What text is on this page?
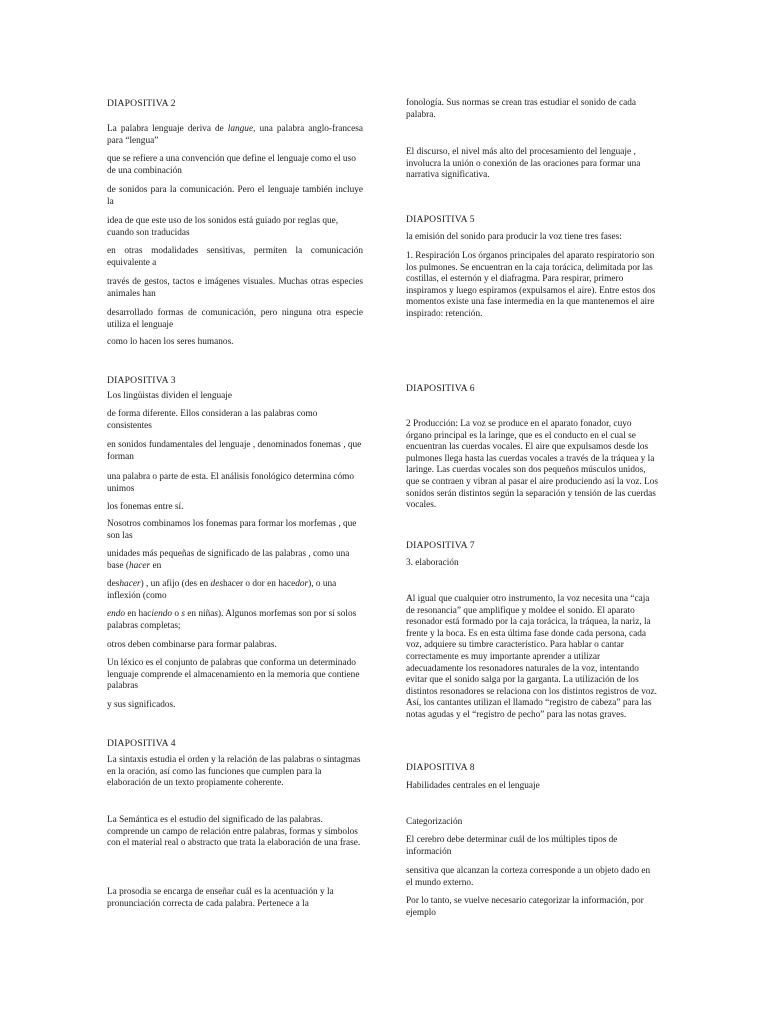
DIAPOSITIVA 2

La palabra lenguaje deriva de langue, una palabra anglo-francesa para “lengua”

que se refiere a una convención que define el lenguaje como el uso de una combinación

de sonidos para la comunicación. Pero el lenguaje también incluye la

idea de que este uso de los sonidos está guiado por reglas que, cuando son traducidas

en otras modalidades sensitivas, permiten la comunicación equivalente a

través de gestos, tactos e imágenes visuales. Muchas otras especies animales han

desarrollado formas de comunicación, pero ninguna otra especie utiliza el lenguaje

como lo hacen los seres humanos.

DIAPOSITIVA 3

Los lingüistas dividen el lenguaje

de forma diferente. Ellos consideran a las palabras como consistentes

en sonidos fundamentales del lenguaje , denominados fonemas , que forman

una palabra o parte de esta. El análisis fonológico determina cómo unimos

los fonemas entre sí.

Nosotros combinamos los fonemas para formar los morfemas , que son las

unidades más pequeñas de significado de las palabras , como una base (hacer en

deshacer) , un afijo (des en deshacer o dor en hacedor), o una inflexión (como

endo en haciendo o s en niñas). Algunos morfemas son por sí solos palabras completas;

otros deben combinarse para formar palabras.

Un léxico es el conjunto de palabras que conforma un determinado lenguaje comprende el almacenamiento en la memoria que contiene palabras

y sus significados.

DIAPOSITIVA 4

La sintaxis estudia el orden y la relación de las palabras o sintagmas en la oración, así como las funciones que cumplen para la elaboración de un texto propiamente coherente.

La Semántica es el estudio del significado de las palabras. comprende un campo de relación entre palabras, formas y símbolos con el material real o abstracto que trata la elaboración de una frase.

La prosodia se encarga de enseñar cuál es la acentuación y la pronunciación correcta de cada palabra. Pertenece a la

fonología. Sus normas se crean tras estudiar el sonido de cada palabra.

El discurso, el nivel más alto del procesamiento del lenguaje , involucra la unión o conexión de las oraciones para formar una narrativa significativa.

DIAPOSITIVA 5

la emisión del sonido para producir la voz tiene tres fases:

1. Respiración Los órganos principales del aparato respiratorio son los pulmones. Se encuentran en la caja torácica, delimitada por las costillas, el esternón y el diafragma. Para respirar, primero inspiramos y luego espiramos (expulsamos el aire). Entre estos dos momentos existe una fase intermedia en la que mantenemos el aire inspirado: retención.

DIAPOSITIVA 6

2 Producción: La voz se produce en el aparato fonador, cuyo órgano principal es la laringe, que es el conducto en el cual se encuentran las cuerdas vocales. El aire que expulsamos desde los pulmones llega hasta las cuerdas vocales a través de la tráquea y la laringe. Las cuerdas vocales son dos pequeños músculos unidos, que se contraen y vibran al pasar el aire produciendo así la voz. Los sonidos serán distintos según la separación y tensión de las cuerdas vocales.

DIAPOSITIVA 7

3. elaboración

Al igual que cualquier otro instrumento, la voz necesita una “caja de resonancia” que amplifique y moldee el sonido. El aparato resonador está formado por la caja torácica, la tráquea, la nariz, la frente y la boca. Es en esta última fase donde cada persona, cada voz, adquiere su timbre característico. Para hablar o cantar correctamente es muy importante aprender a utilizar adecuadamente los resonadores naturales de la voz, intentando evitar que el sonido salga por la garganta. La utilización de los distintos resonadores se relaciona con los distintos registros de voz. Así, los cantantes utilizan el llamado “registro de cabeza” para las notas agudas y el “registro de pecho” para las notas graves.

DIAPOSITIVA 8

Habilidades centrales en el lenguaje

Categorización

El cerebro debe determinar cuál de los múltiples tipos de información

sensitiva que alcanzan la corteza corresponde a un objeto dado en el mundo externo.

Por lo tanto, se vuelve necesario categorizar la información, por ejemplo
